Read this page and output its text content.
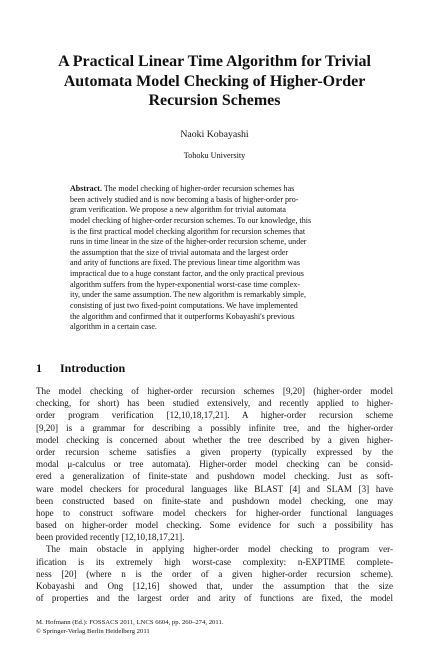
A Practical Linear Time Algorithm for Trivial
Automata Model Checking of Higher-Order
Recursion Schemes
Naoki Kobayashi
Tohoku University
Abstract. The model checking of higher-order recursion schemes has
been actively studied and is now becoming a basis of higher-order pro-
gram verification. We propose a new algorithm for trivial automata
model checking of higher-order recursion schemes. To our knowledge, this
is the first practical model checking algorithm for recursion schemes that
runs in time linear in the size of the higher-order recursion scheme, under
the assumption that the size of trivial automata and the largest order
and arity of functions are fixed. The previous linear time algorithm was
impractical due to a huge constant factor, and the only practical previous
algorithm suffers from the hyper-exponential worst-case time complex-
ity, under the same assumption. The new algorithm is remarkably simple,
consisting of just two fixed-point computations. We have implemented
the algorithm and confirmed that it outperforms Kobayashi's previous
algorithm in a certain case.
1 Introduction
The model checking of higher-order recursion schemes [9,20] (higher-order model
checking, for short) has been studied extensively, and recently applied to higher-
order program verification [12,10,18,17,21]. A higher-order recursion scheme
[9,20] is a grammar for describing a possibly infinite tree, and the higher-order
model checking is concerned about whether the tree described by a given higher-
order recursion scheme satisfies a given property (typically expressed by the
modal μ-calculus or tree automata). Higher-order model checking can be consid-
ered a generalization of finite-state and pushdown model checking. Just as soft-
ware model checkers for procedural languages like BLAST [4] and SLAM [3] have
been constructed based on finite-state and pushdown model checking, one may
hope to construct software model checkers for higher-order functional languages
based on higher-order model checking. Some evidence for such a possibility has
been provided recently [12,10,18,17,21].
The main obstacle in applying higher-order model checking to program ver-
ification is its extremely high worst-case complexity: n-EXPTIME complete-
ness [20] (where n is the order of a given higher-order recursion scheme).
Kobayashi and Ong [12,16] showed that, under the assumption that the size
of properties and the largest order and arity of functions are fixed, the model
M. Hofmann (Ed.): FOSSACS 2011, LNCS 6604, pp. 260–274, 2011.
© Springer-Verlag Berlin Heidelberg 2011
